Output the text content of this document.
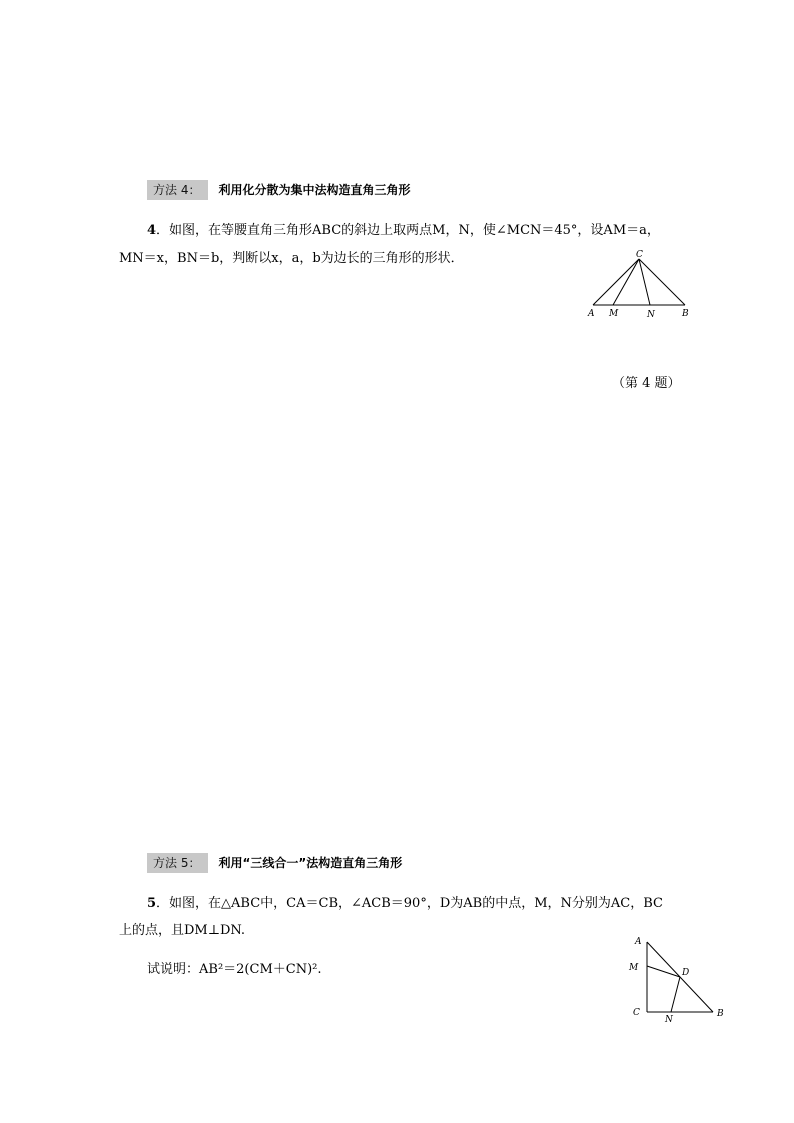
方法 4： 利用化分散为集中法构造直角三角形
4．如图，在等腰直角三角形ABC的斜边上取两点M，N，使∠MCN＝45°，设AM＝a，
MN＝x，BN＝b，判断以x，a，b为边长的三角形的形状．	C
A M	N	B
（第 4 题）
方法 5： 利用“三线合一”法构造直角三角形
5．如图，在△ABC中，CA＝CB，∠ACB＝90°，D为AB的中点，M，N分别为AC，BC
上的点，且DM⊥DN.
试说明：AB²＝2(CM＋CN)².
A
M	D
C
N
B
